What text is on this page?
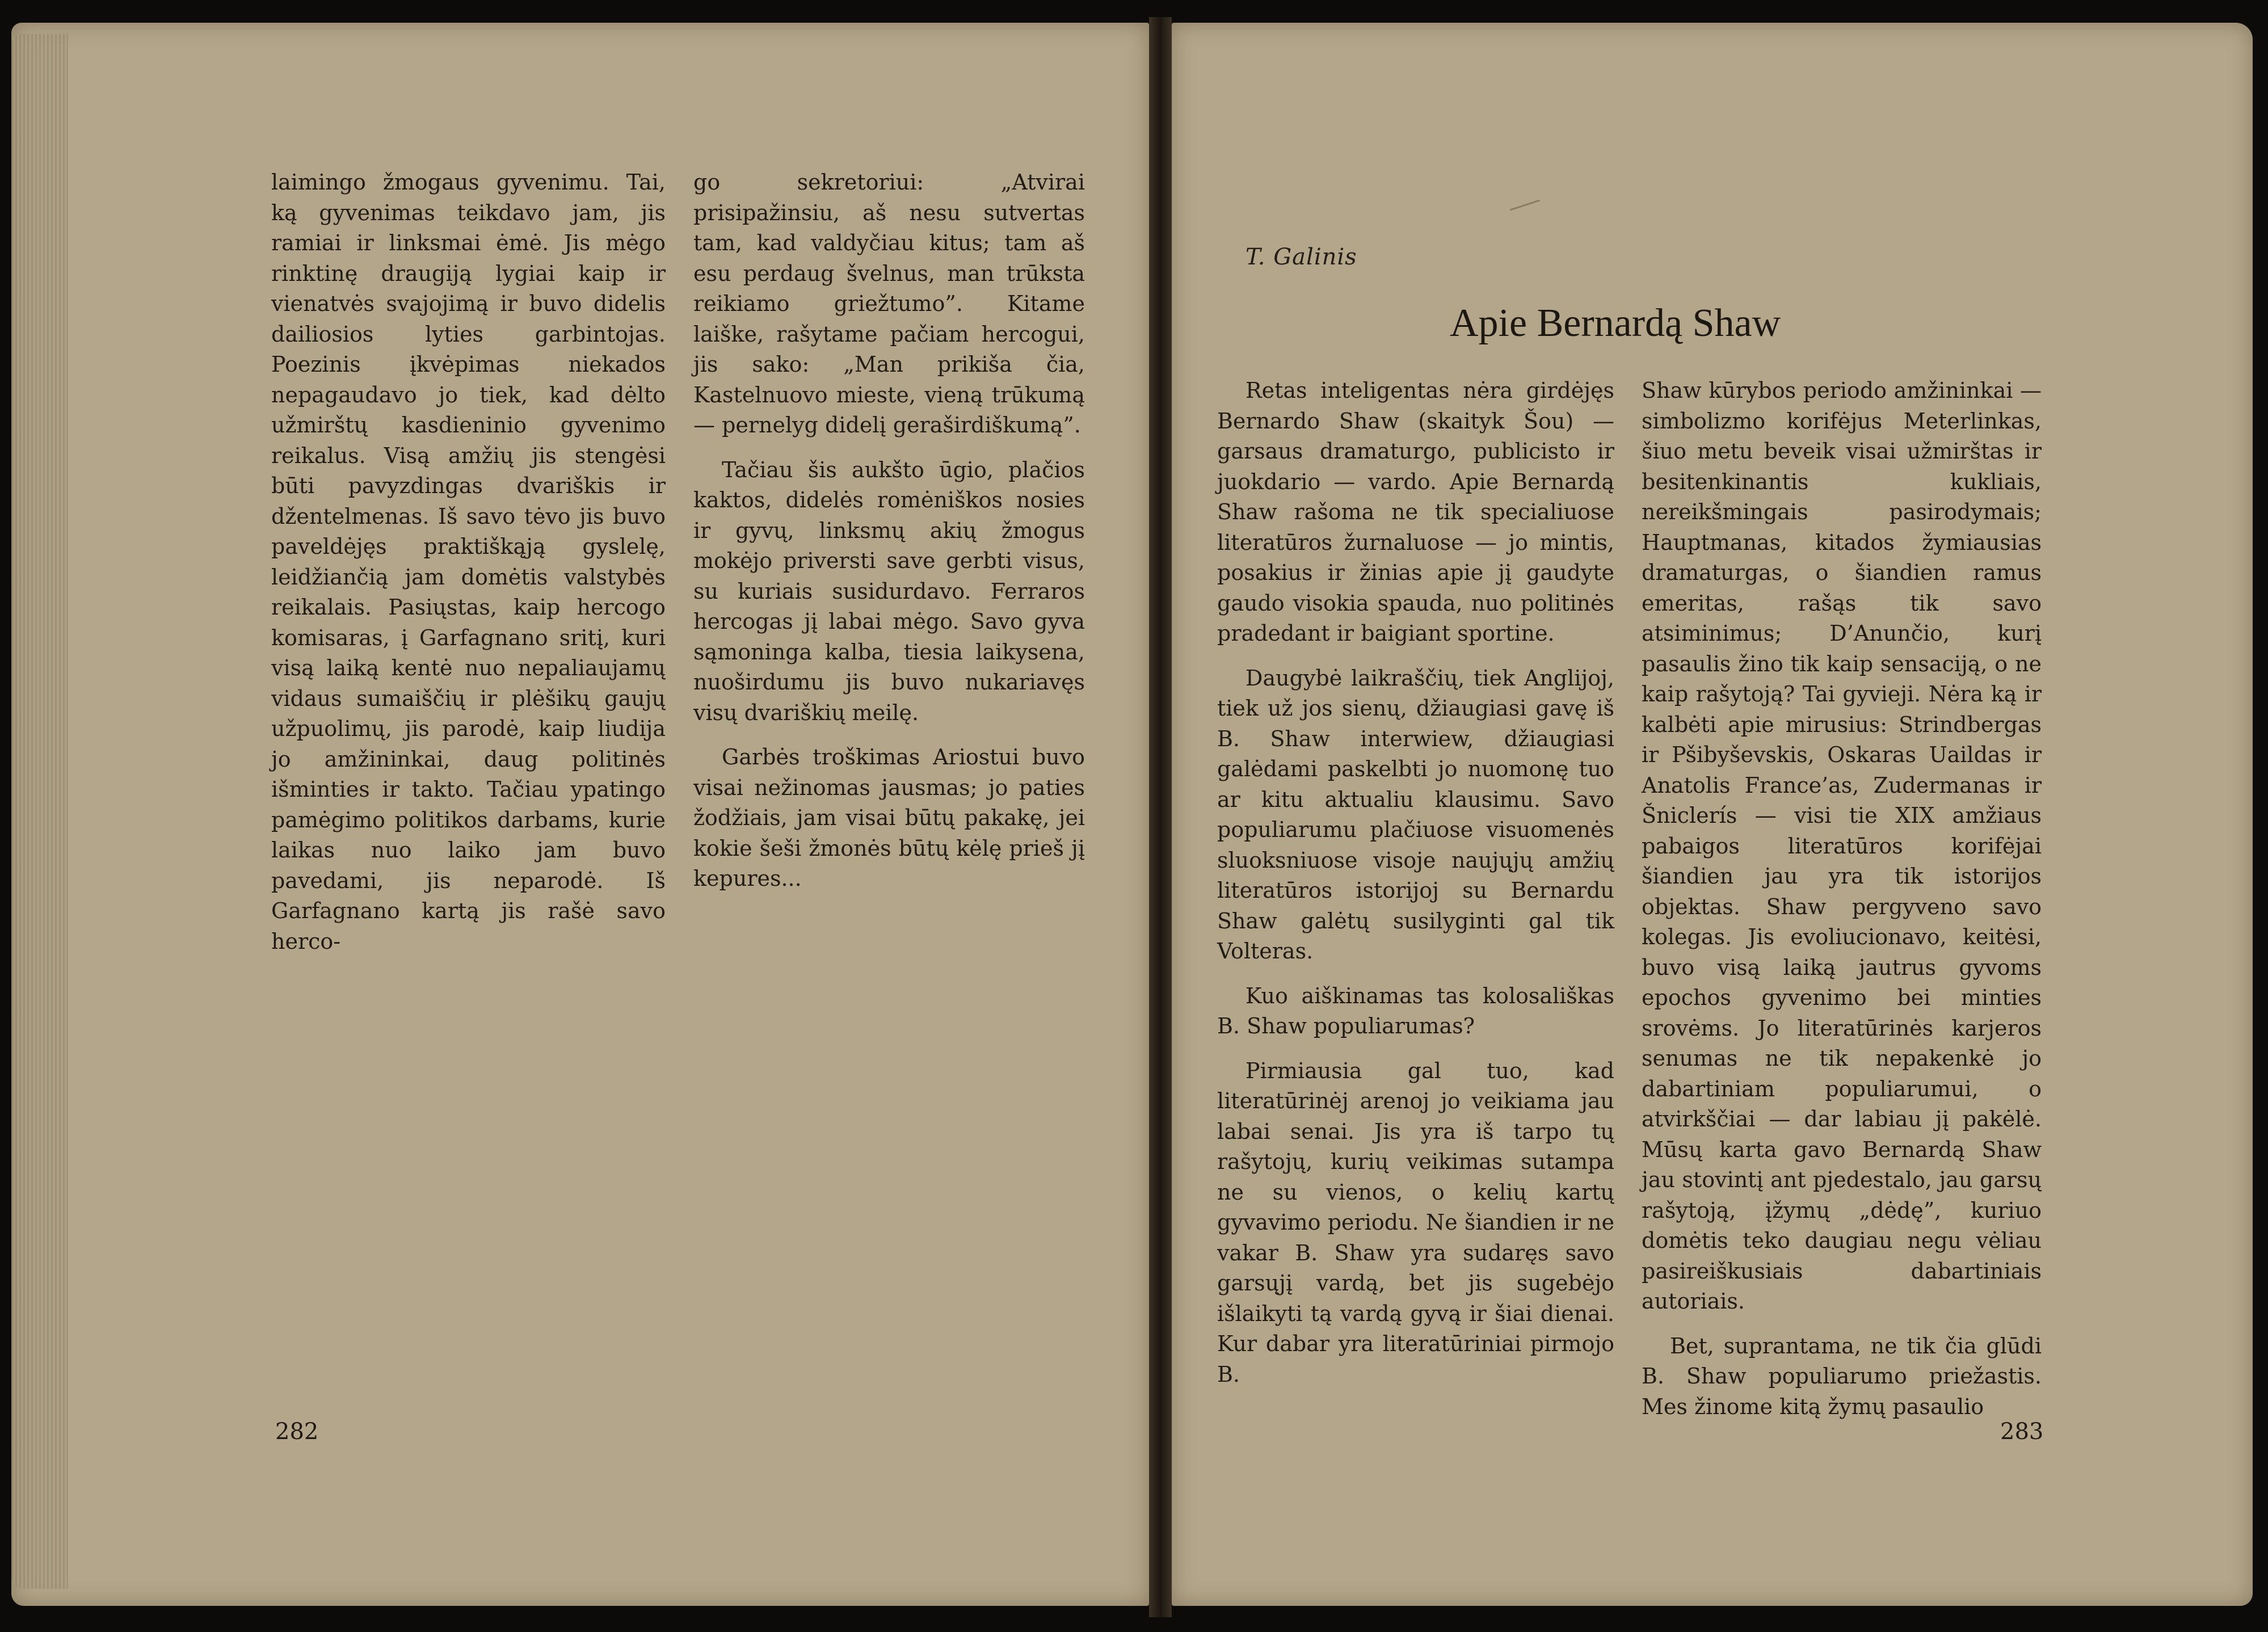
laimingo žmogaus gyvenimu. Tai, ką gyvenimas teikdavo jam, jis ramiai ir linksmai ėmė. Jis mėgo rinktinę draugiją lygiai kaip ir vienatvės svajojimą ir buvo didelis dailiosios lyties garbintojas. Poezinis įkvėpimas niekados nepagaudavo jo tiek, kad dėlto užmirštų kasdieninio gyvenimo reikalus. Visą amžių jis stengėsi būti pavyzdingas dvariškis ir džentelmenas. Iš savo tėvo jis buvo paveldėjęs praktiškąją gyslelę, leidžiančią jam domėtis valstybės reikalais. Pasiųstas, kaip hercogo komisaras, į Garfagnano sritį, kuri visą laiką kentė nuo nepaliaujamų vidaus sumaiščių ir plėšikų gaujų užpuolimų, jis parodė, kaip liudija jo amžininkai, daug politinės išminties ir takto. Tačiau ypatingo pamėgimo politikos darbams, kurie laikas nuo laiko jam buvo pavedami, jis neparodė. Iš Garfagnano kartą jis rašė savo herco-

go sekretoriui: „Atvirai prisipažinsiu, aš nesu sutvertas tam, kad valdyčiau kitus; tam aš esu perdaug švelnus, man trūksta reikiamo griežtumo”. Kitame laiške, rašytame pačiam hercogui, jis sako: „Man prikiša čia, Kastelnuovo mieste, vieną trūkumą — pernelyg didelį geraširdiškumą”.

Tačiau šis aukšto ūgio, plačios kaktos, didelės romėniškos nosies ir gyvų, linksmų akių žmogus mokėjo priversti save gerbti visus, su kuriais susidurdavo. Ferraros hercogas jį labai mėgo. Savo gyva sąmoninga kalba, tiesia laikysena, nuoširdumu jis buvo nukariavęs visų dvariškių meilę.

Garbės troškimas Ariostui buvo visai nežinomas jausmas; jo paties žodžiais, jam visai būtų pakakę, jei kokie šeši žmonės būtų kėlę prieš jį kepures...

282
T. Galinis
Apie Bernardą Shaw

Retas inteligentas nėra girdėjęs Bernardo Shaw (skaityk Šou) — garsaus dramaturgo, publicisto ir juokdario — vardo. Apie Bernardą Shaw rašoma ne tik specialiuose literatūros žurnaluose — jo mintis, posakius ir žinias apie jį gaudyte gaudo visokia spauda, nuo politinės pradedant ir baigiant sportine.

Daugybė laikraščių, tiek Anglijoj, tiek už jos sienų, džiaugiasi gavę iš B. Shaw interwiew, džiaugiasi galėdami paskelbti jo nuomonę tuo ar kitu aktualiu klausimu. Savo populiarumu plačiuose visuomenės sluoksniuose visoje naujųjų amžių literatūros istorijoj su Bernardu Shaw galėtų susilyginti gal tik Volteras.

Kuo aiškinamas tas kolosališkas B. Shaw populiarumas?

Pirmiausia gal tuo, kad literatūrinėj arenoj jo veikiama jau labai senai. Jis yra iš tarpo tų rašytojų, kurių veikimas sutampa ne su vienos, o kelių kartų gyvavimo periodu. Ne šiandien ir ne vakar B. Shaw yra sudaręs savo garsųjį vardą, bet jis sugebėjo išlaikyti tą vardą gyvą ir šiai dienai. Kur dabar yra literatūriniai pirmojo B.

Shaw kūrybos periodo amžininkai — simbolizmo korifėjus Meterlinkas, šiuo metu beveik visai užmirštas ir besitenkinantis kukliais, nereikšmingais pasirodymais; Hauptmanas, kitados žymiausias dramaturgas, o šiandien ramus emeritas, rašąs tik savo atsiminimus; D’Anunčio, kurį pasaulis žino tik kaip sensaciją, o ne kaip rašytoją? Tai gyvieji. Nėra ką ir kalbėti apie mirusius: Strindbergas ir Pšibyševskis, Oskaras Uaildas ir Anatolis France’as, Zudermanas ir Šniclerís — visi tie XIX amžiaus pabaigos literatūros korifėjai šiandien jau yra tik istorijos objektas. Shaw pergyveno savo kolegas. Jis evoliucionavo, keitėsi, buvo visą laiką jautrus gyvoms epochos gyvenimo bei minties srovėms. Jo literatūrinės karjeros senumas ne tik nepakenkė jo dabartiniam populiarumui, o atvirkščiai — dar labiau jį pakėlė. Mūsų karta gavo Bernardą Shaw jau stovintį ant pjedestalo, jau garsų rašytoją, įžymų „dėdę”, kuriuo domėtis teko daugiau negu vėliau pasireiškusiais dabartiniais autoriais.

Bet, suprantama, ne tik čia glūdi B. Shaw populiarumo priežastis. Mes žinome kitą žymų pasaulio

283
